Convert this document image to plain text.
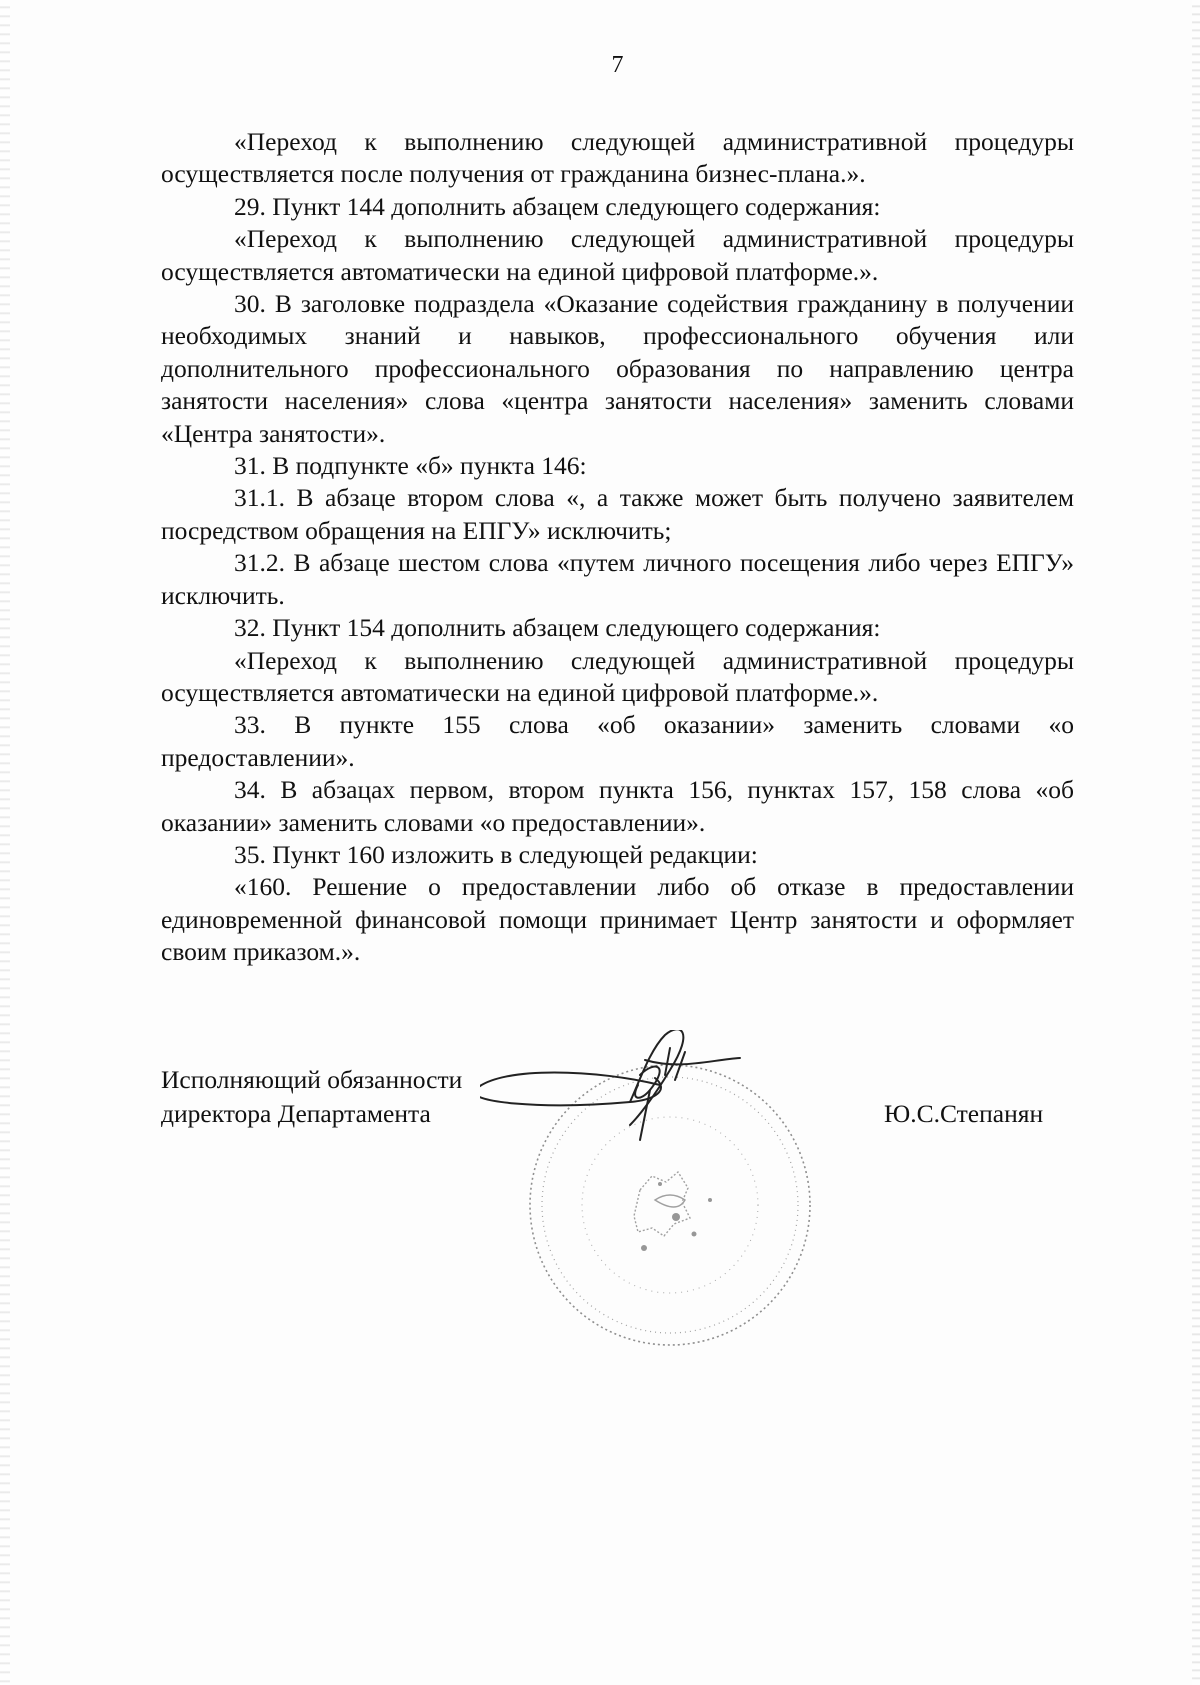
7

«Переход к выполнению следующей административной процедуры осуществляется после получения от гражданина бизнес-плана.».

29. Пункт 144 дополнить абзацем следующего содержания:

«Переход к выполнению следующей административной процедуры осуществляется автоматически на единой цифровой платформе.».

30. В заголовке подраздела «Оказание содействия гражданину в получении необходимых знаний и навыков, профессионального обучения или дополнительного профессионального образования по направлению центра занятости населения» слова «центра занятости населения» заменить словами «Центра занятости».

31. В подпункте «б» пункта 146:

31.1. В абзаце втором слова «, а также может быть получено заявителем посредством обращения на ЕПГУ» исключить;

31.2. В абзаце шестом слова «путем личного посещения либо через ЕПГУ» исключить.

32. Пункт 154 дополнить абзацем следующего содержания:

«Переход к выполнению следующей административной процедуры осуществляется автоматически на единой цифровой платформе.».

33. В пункте 155 слова «об оказании» заменить словами «о предоставлении».

34. В абзацах первом, втором пункта 156, пунктах 157, 158 слова «об оказании» заменить словами «о предоставлении».

35. Пункт 160 изложить в следующей редакции:

«160. Решение о предоставлении либо об отказе в предоставлении единовременной финансовой помощи принимает Центр занятости и оформляет своим приказом.».

Исполняющий обязанности
директора Департамента	Ю.С.Степанян
